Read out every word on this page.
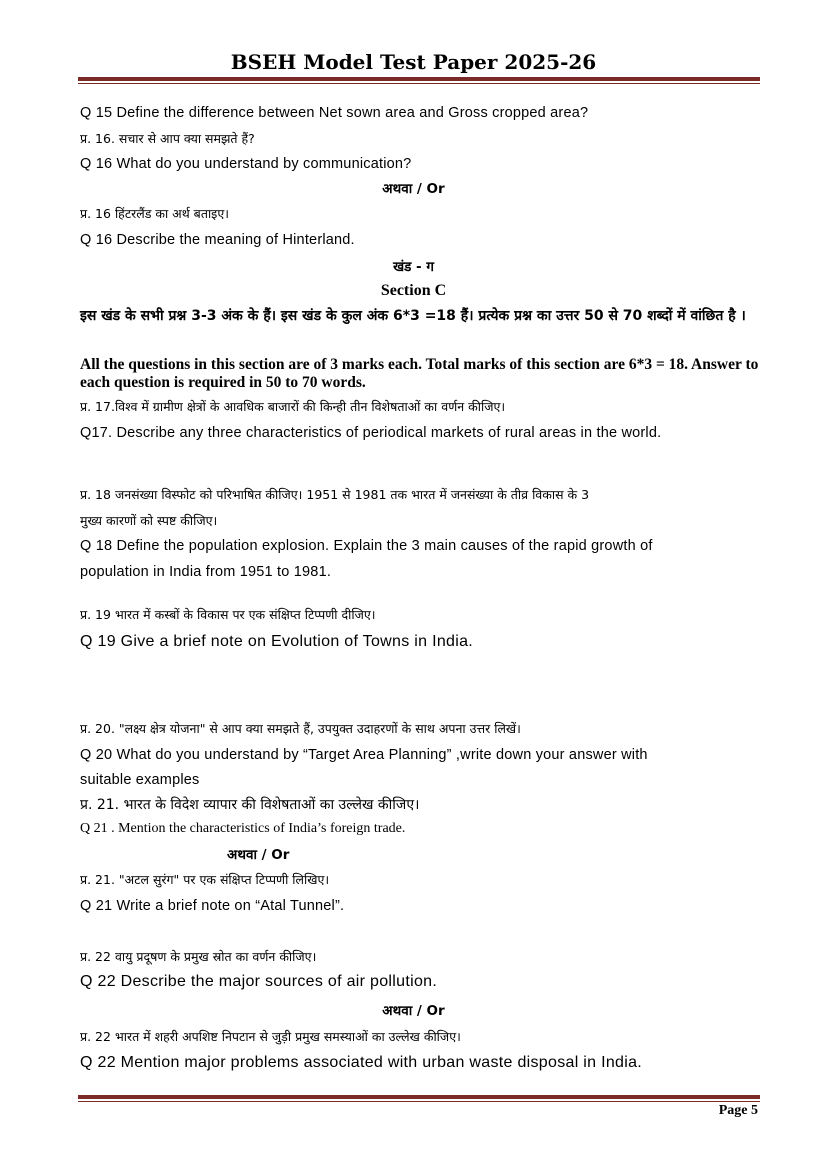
BSEH Model Test Paper 2025-26
Q 15 Define the difference between Net sown area and Gross cropped area?
प्र. 16. सचार से आप क्या समझते हैं?
Q 16 What do you understand by communication?
अथवा / Or
प्र. 16 हिंटरलैंड का अर्थ बताइए।
Q 16 Describe the meaning of Hinterland.
खंड - ग
Section C
इस खंड के सभी प्रश्न 3-3 अंक के हैं। इस खंड के कुल अंक 6*3 =18 हैं। प्रत्येक प्रश्न का उत्तर 50 से 70 शब्दों में वांछित है ।
All the questions in this section are of 3 marks each. Total marks of this section are 6*3 = 18. Answer to each question is required in 50 to 70 words.
प्र. 17.विश्व में ग्रामीण क्षेत्रों के आवधिक बाजारों की किन्ही तीन विशेषताओं का वर्णन कीजिए।
Q17. Describe any three characteristics of periodical markets of rural areas in the world.
प्र. 18 जनसंख्या विस्फोट को परिभाषित कीजिए। 1951 से 1981 तक भारत में जनसंख्या के तीव्र विकास के 3
मुख्य कारणों को स्पष्ट कीजिए।
Q 18 Define the population explosion. Explain the 3 main causes of the rapid growth of
population in India from 1951 to 1981.
प्र. 19 भारत में कस्बों के विकास पर एक संक्षिप्त टिप्पणी दीजिए।
Q 19 Give a brief note on Evolution of Towns in India.
प्र. 20. "लक्ष्य क्षेत्र योजना" से आप क्या समझते हैं, उपयुक्त उदाहरणों के साथ अपना उत्तर लिखें।
Q 20 What do you understand by “Target Area Planning” ,write down your answer with
suitable examples
प्र. 21. भारत के विदेश व्यापार की विशेषताओं का उल्लेख कीजिए।
Q 21 . Mention the characteristics of India’s foreign trade.
अथवा / Or
प्र. 21. "अटल सुरंग" पर एक संक्षिप्त टिप्पणी लिखिए।
Q 21 Write a brief note on “Atal Tunnel”.
प्र. 22 वायु प्रदूषण के प्रमुख स्रोत का वर्णन कीजिए।
Q 22 Describe the major sources of air pollution.
अथवा / Or
प्र. 22 भारत में शहरी अपशिष्ट निपटान से जुड़ी प्रमुख समस्याओं का उल्लेख कीजिए।
Q 22 Mention major problems associated with urban waste disposal in India.
Page 5
